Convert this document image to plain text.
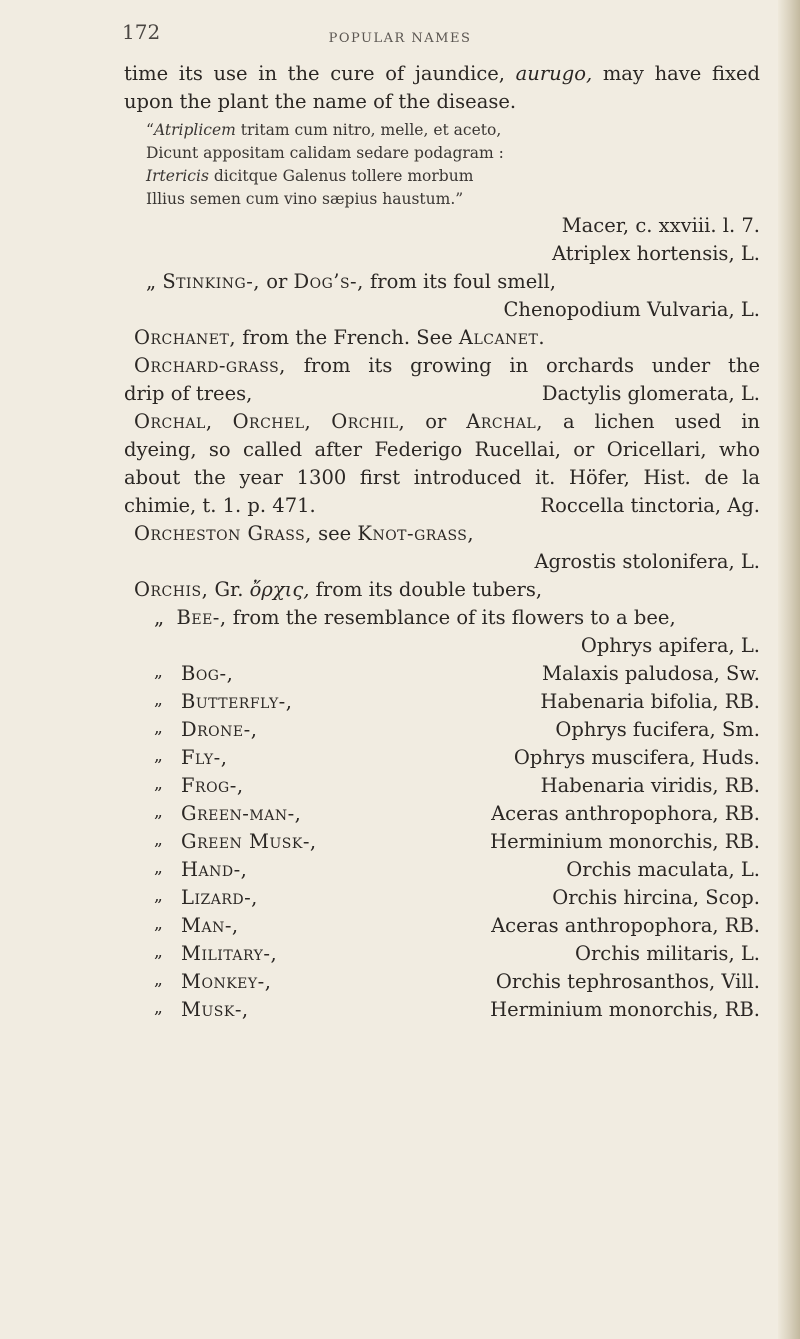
172	POPULAR NAMES
time its use in the cure of jaundice, aurugo, may have fixed
upon the plant the name of the disease.
“Atriplicem tritam cum nitro, melle, et aceto,
Dicunt appositam calidam sedare podagram :
Irtericis dicitque Galenus tollere morbum
Illius semen cum vino sæpius haustum.”
Macer, c. xxviii. l. 7.
Atriplex hortensis, L.
„ Stinking-, or Dog’s-, from its foul smell,
Chenopodium Vulvaria, L.
Orchanet, from the French. See Alcanet.
Orchard-grass, from its growing in orchards under the
drip of trees,	Dactylis glomerata, L.
Orchal, Orchel, Orchil, or Archal, a lichen used in
dyeing, so called after Federigo Rucellai, or Oricellari, who
about the year 1300 first introduced it. Höfer, Hist. de la
chimie, t. 1. p. 471.	Roccella tinctoria, Ag.
Orcheston Grass, see Knot-grass,
Agrostis stolonifera, L.
Orchis, Gr. ὄρχις, from its double tubers,
„ Bee-, from the resemblance of its flowers to a bee,
Ophrys apifera, L.
„ Bog-,	Malaxis paludosa, Sw.
„ Butterfly-,	Habenaria bifolia, RB.
„ Drone-,	Ophrys fucifera, Sm.
„ Fly-,	Ophrys muscifera, Huds.
„ Frog-,	Habenaria viridis, RB.
„ Green-man-,	Aceras anthropophora, RB.
„ Green Musk-,	Herminium monorchis, RB.
„ Hand-,	Orchis maculata, L.
„ Lizard-,	Orchis hircina, Scop.
„ Man-,	Aceras anthropophora, RB.
„ Military-,	Orchis militaris, L.
„ Monkey-,	Orchis tephrosanthos, Vill.
„ Musk-,	Herminium monorchis, RB.
